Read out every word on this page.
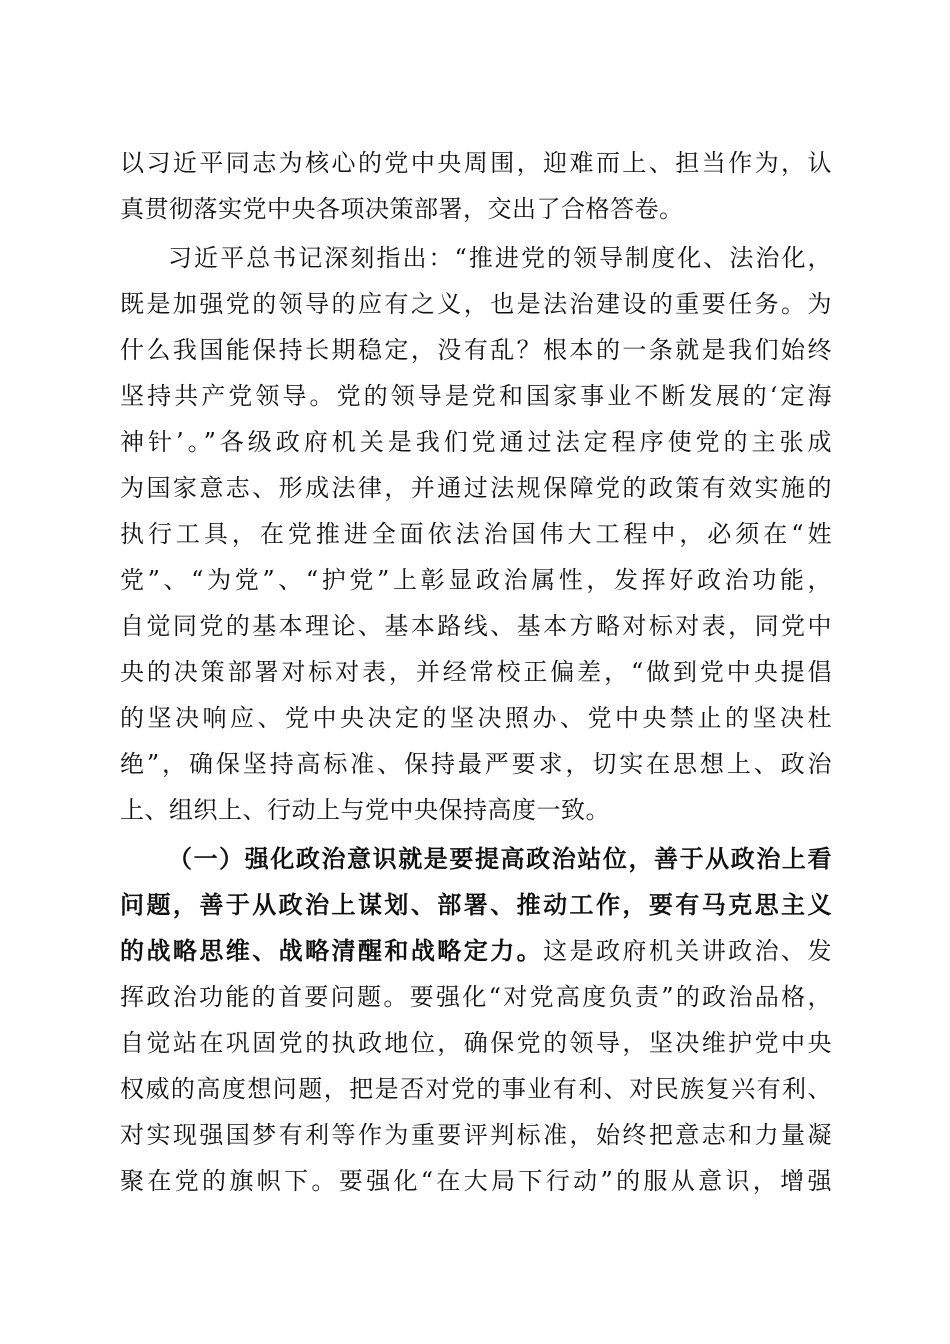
以习近平同志为核心的党中央周围，迎难而上、担当作为，认
真贯彻落实党中央各项决策部署，交出了合格答卷。
习近平总书记深刻指出：“推进党的领导制度化、法治化，
既是加强党的领导的应有之义，也是法治建设的重要任务。为
什么我国能保持长期稳定，没有乱？根本的一条就是我们始终
坚持共产党领导。党的领导是党和国家事业不断发展的‘定海
神针’。”各级政府机关是我们党通过法定程序使党的主张成
为国家意志、形成法律，并通过法规保障党的政策有效实施的
执行工具，在党推进全面依法治国伟大工程中，必须在“姓
党”、“为党”、“护党”上彰显政治属性，发挥好政治功能，
自觉同党的基本理论、基本路线、基本方略对标对表，同党中
央的决策部署对标对表，并经常校正偏差，“做到党中央提倡
的坚决响应、党中央决定的坚决照办、党中央禁止的坚决杜
绝”，确保坚持高标准、保持最严要求，切实在思想上、政治
上、组织上、行动上与党中央保持高度一致。
（一）强化政治意识就是要提高政治站位，善于从政治上看
问题，善于从政治上谋划、部署、推动工作，要有马克思主义
的战略思维、战略清醒和战略定力。这是政府机关讲政治、发
挥政治功能的首要问题。要强化“对党高度负责”的政治品格，
自觉站在巩固党的执政地位，确保党的领导，坚决维护党中央
权威的高度想问题，把是否对党的事业有利、对民族复兴有利、
对实现强国梦有利等作为重要评判标准，始终把意志和力量凝
聚在党的旗帜下。要强化“在大局下行动”的服从意识，增强
